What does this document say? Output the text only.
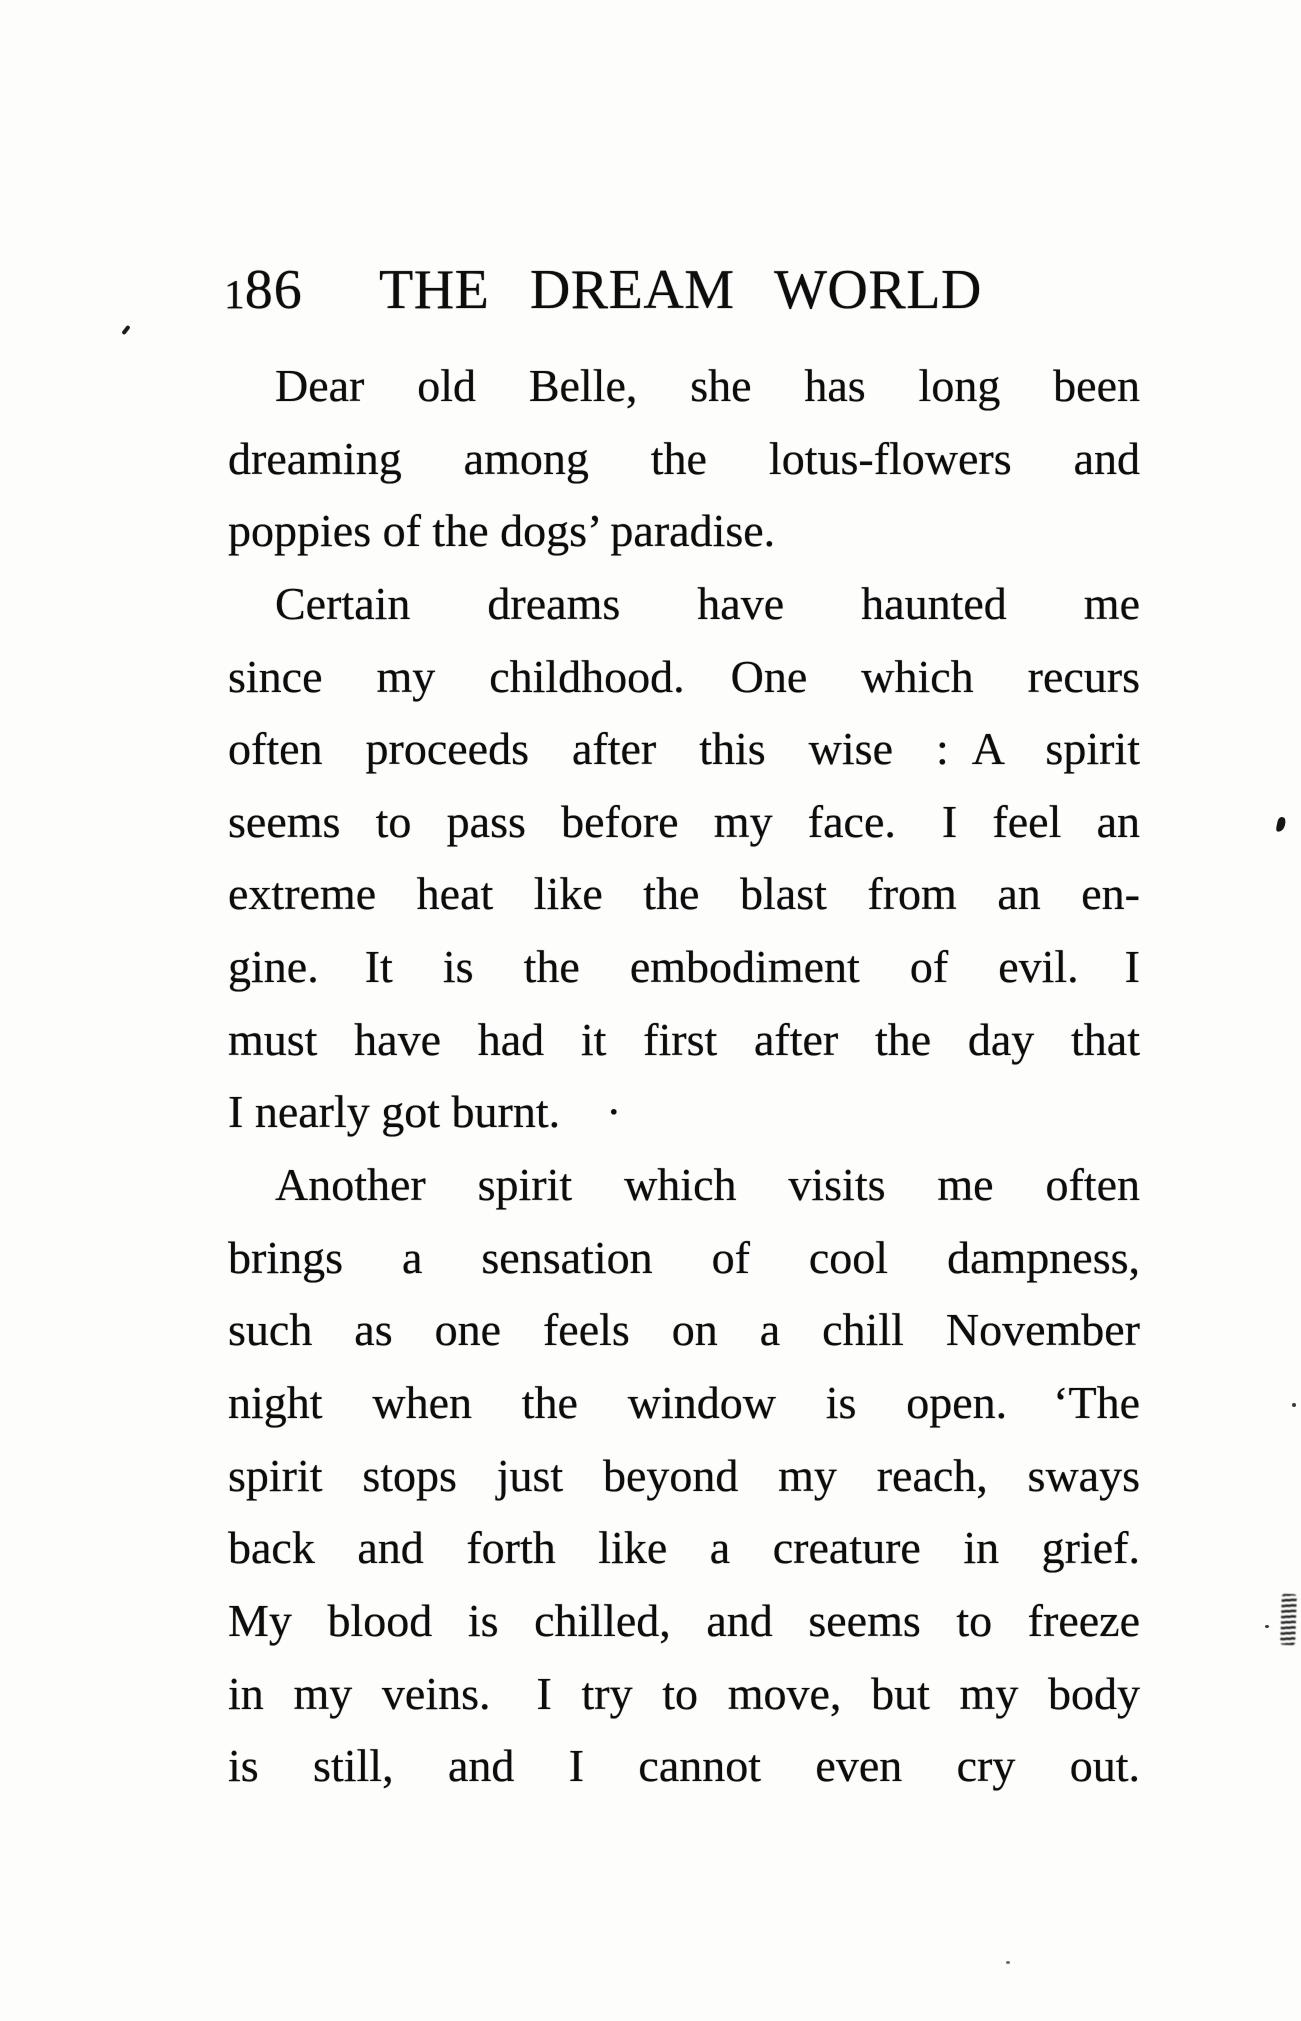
186 THE DREAM WORLD
Dear old Belle, she has long been
dreaming among the lotus-flowers and
poppies of the dogs’ paradise.
Certain dreams have haunted me
since my childhood. One which recurs
often proceeds after this wise : A spirit
seems to pass before my face. I feel an
extreme heat like the blast from an en-
gine. It is the embodiment of evil. I
must have had it first after the day that
I nearly got burnt. ·
Another spirit which visits me often
brings a sensation of cool dampness,
such as one feels on a chill November
night when the window is open. ‘The
spirit stops just beyond my reach, sways
back and forth like a creature in grief.
My blood is chilled, and seems to freeze
in my veins. I try to move, but my body
is still, and I cannot even cry out.
